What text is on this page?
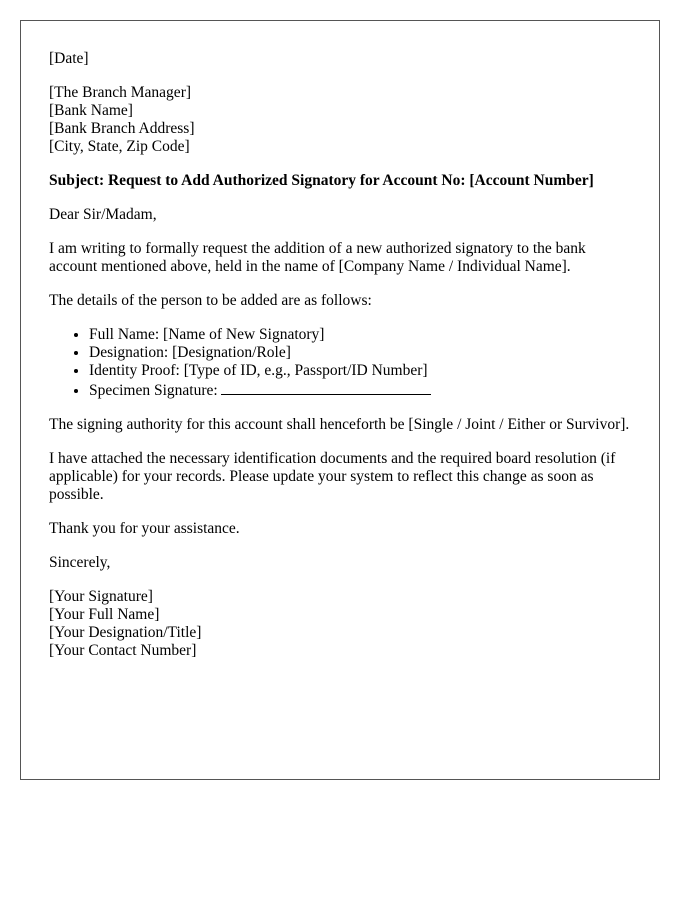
[Date]
[The Branch Manager]
[Bank Name]
[Bank Branch Address]
[City, State, Zip Code]

Subject: Request to Add Authorized Signatory for Account No: [Account Number]

Dear Sir/Madam,

I am writing to formally request the addition of a new authorized signatory to the bank account mentioned above, held in the name of [Company Name / Individual Name].

The details of the person to be added are as follows:

• Full Name: [Name of New Signatory]
• Designation: [Designation/Role]
• Identity Proof: [Type of ID, e.g., Passport/ID Number]
• Specimen Signature:

The signing authority for this account shall henceforth be [Single / Joint / Either or Survivor].

I have attached the necessary identification documents and the required board resolution (if applicable) for your records. Please update your system to reflect this change as soon as possible.

Thank you for your assistance.

Sincerely,

[Your Signature]
[Your Full Name]
[Your Designation/Title]
[Your Contact Number]
